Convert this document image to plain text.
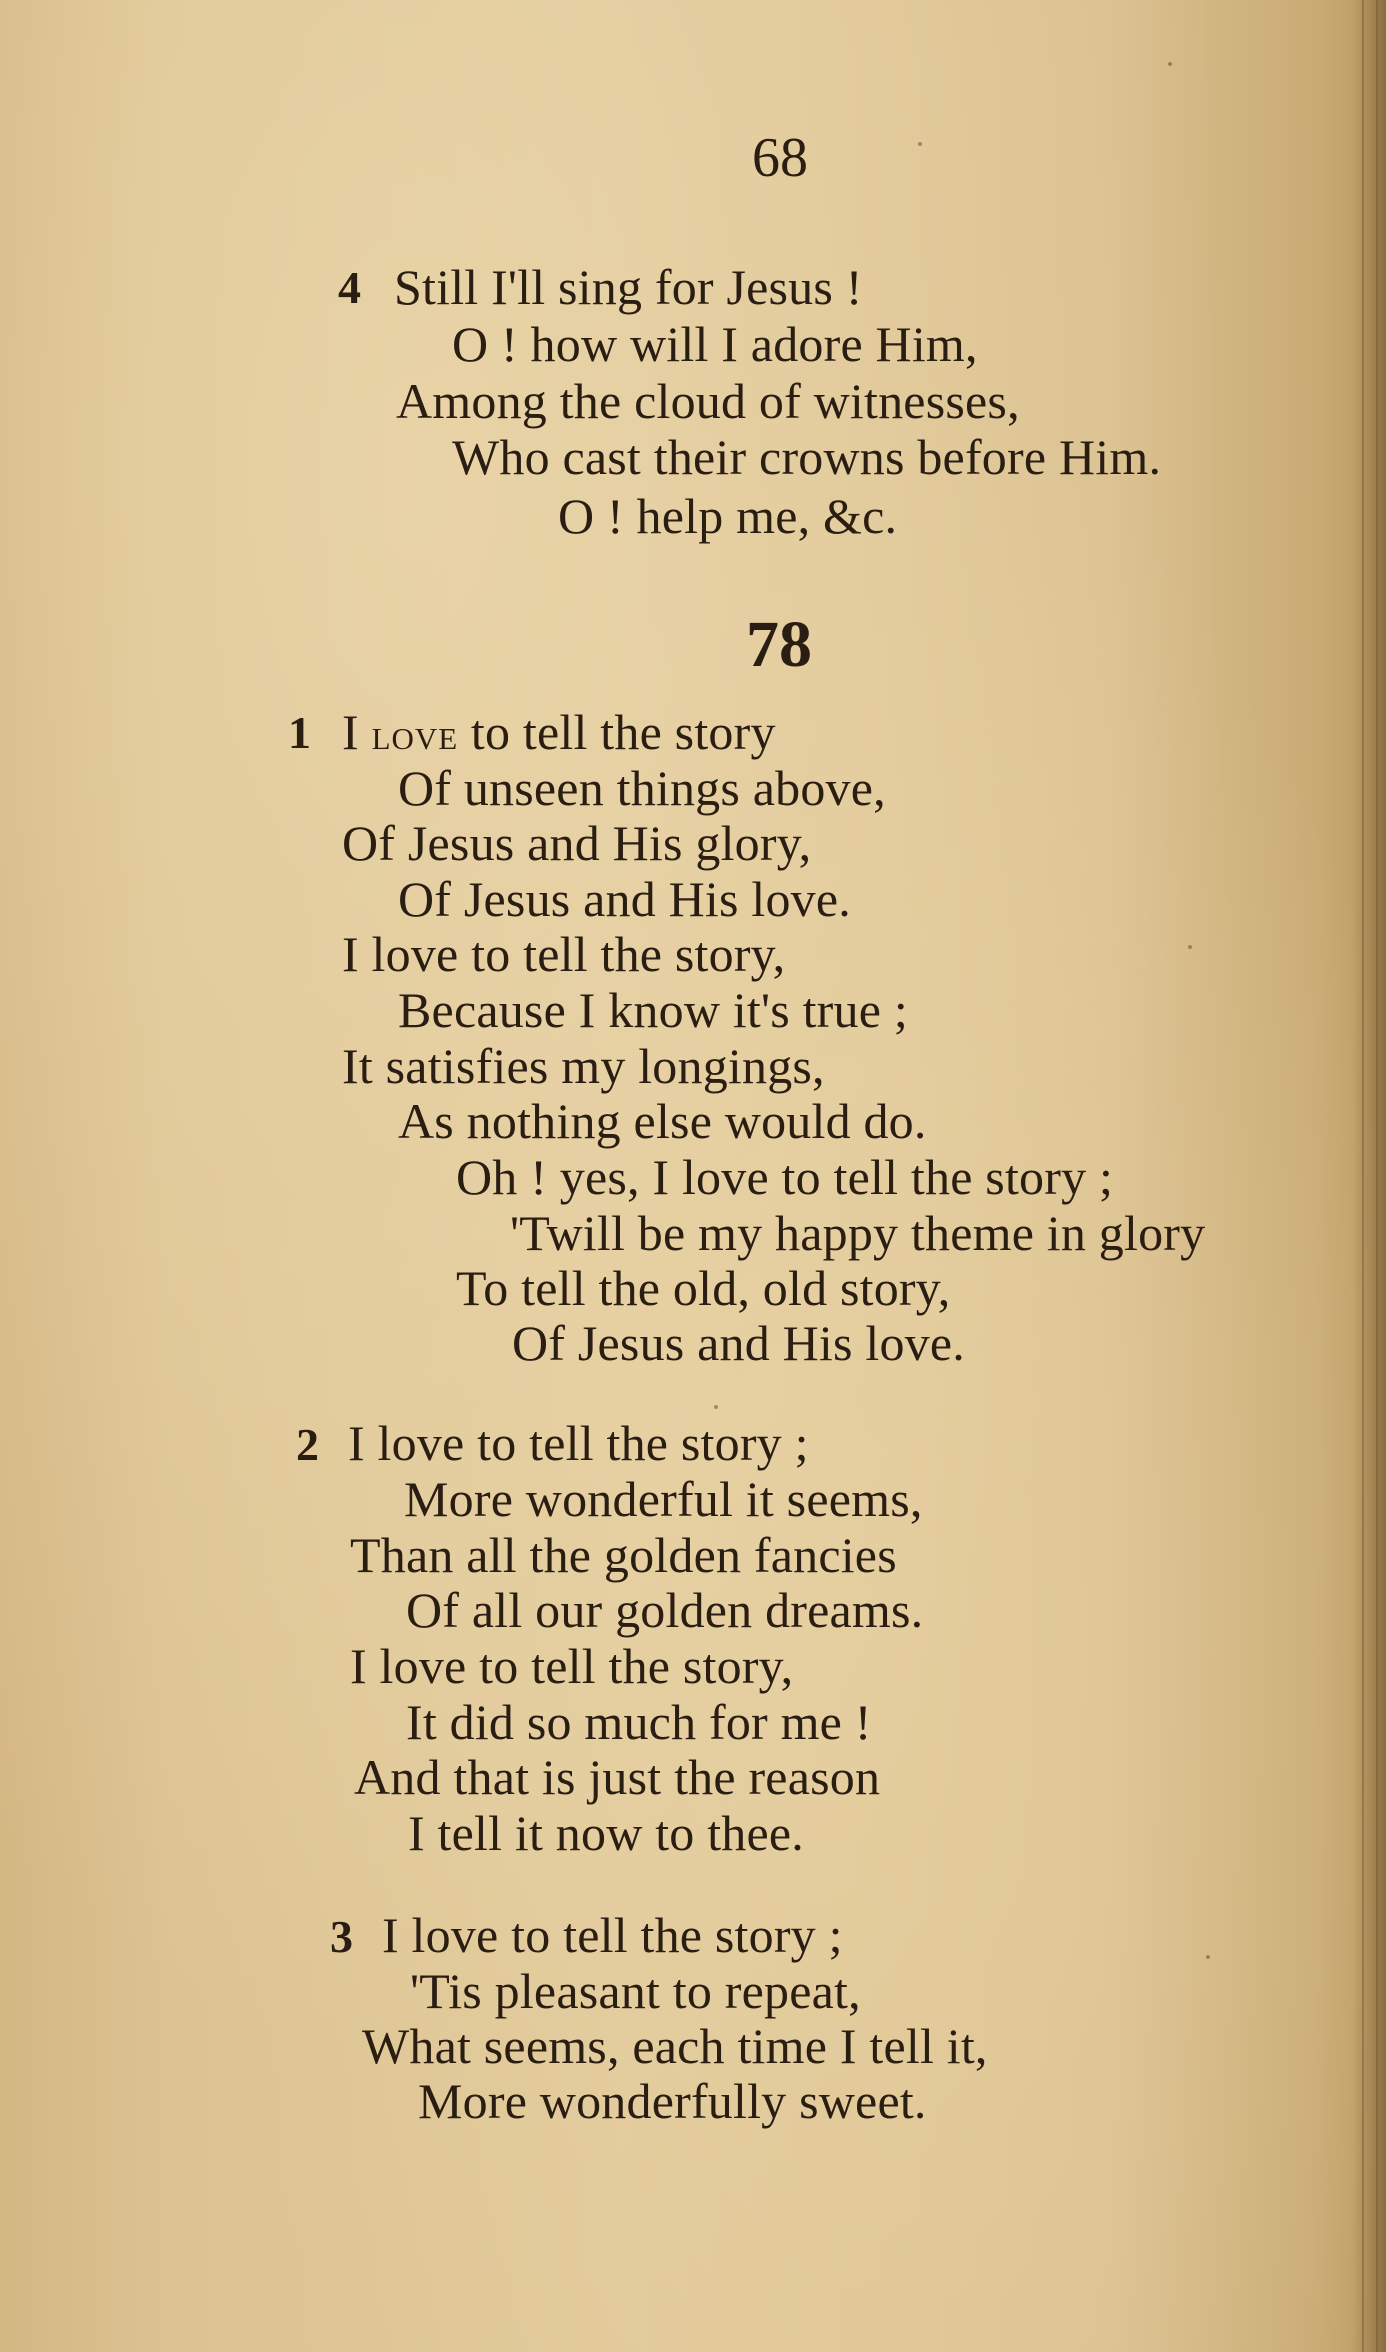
68
4 Still I'll sing for Jesus !
O ! how will I adore Him,
Among the cloud of witnesses,
Who cast their crowns before Him.
O ! help me, &c.
78
1 I love to tell the story
Of unseen things above,
Of Jesus and His glory,
Of Jesus and His love.
I love to tell the story,
Because I know it's true ;
It satisfies my longings,
As nothing else would do.
Oh ! yes, I love to tell the story ;
'Twill be my happy theme in glory
To tell the old, old story,
Of Jesus and His love.
2 I love to tell the story ;
More wonderful it seems,
Than all the golden fancies
Of all our golden dreams.
I love to tell the story,
It did so much for me !
And that is just the reason
I tell it now to thee.
3 I love to tell the story ;
'Tis pleasant to repeat,
What seems, each time I tell it,
More wonderfully sweet.
